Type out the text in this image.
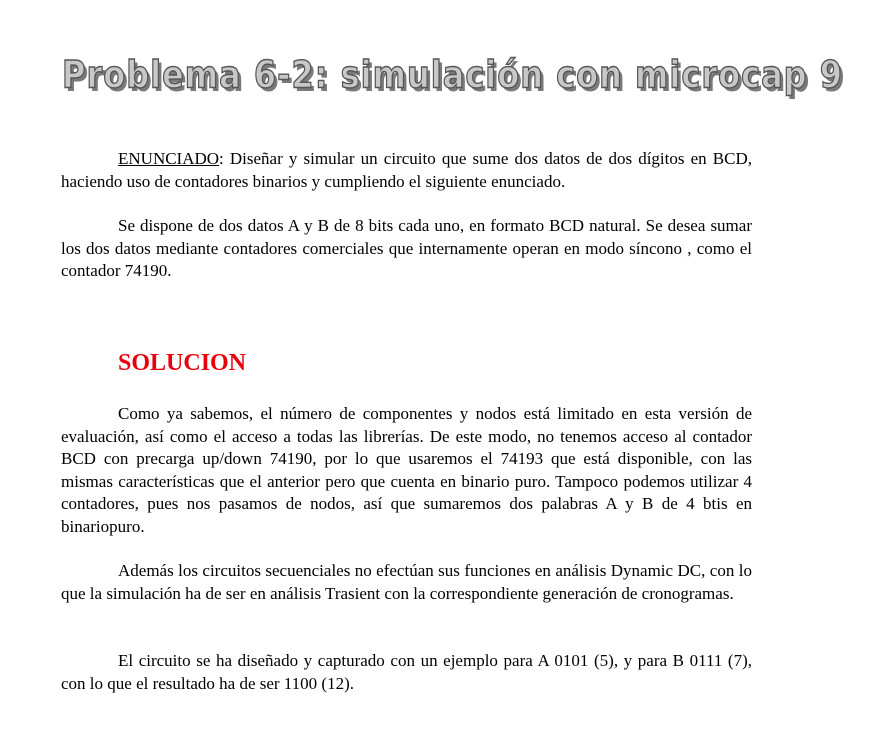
Problema 6-2: simulación con microcap 9

ENUNCIADO: Diseñar y simular un circuito que sume dos datos de dos dígitos en BCD, haciendo uso de contadores binarios y cumpliendo el siguiente enunciado.

Se dispone de dos datos A y B de 8 bits cada uno, en formato BCD natural. Se desea sumar los dos datos mediante contadores comerciales que internamente operan en modo síncono , como el contador 74190.

SOLUCION

Como ya sabemos, el número de componentes y nodos está limitado en esta versión de evaluación, así como el acceso a todas las librerías. De este modo, no tenemos acceso al contador BCD con precarga up/down 74190, por lo que usaremos el 74193 que está disponible, con las mismas características que el anterior pero que cuenta en binario puro. Tampoco podemos utilizar 4 contadores, pues nos pasamos de nodos, así que sumaremos dos palabras A y B de 4 btis en binariopuro.

Además los circuitos secuenciales no efectúan sus funciones en análisis Dynamic DC, con lo que la simulación ha de ser en análisis Trasient con la correspondiente generación de cronogramas.

El circuito se ha diseñado y capturado con un ejemplo para A 0101 (5), y para B 0111 (7), con lo que el resultado ha de ser 1100 (12).
